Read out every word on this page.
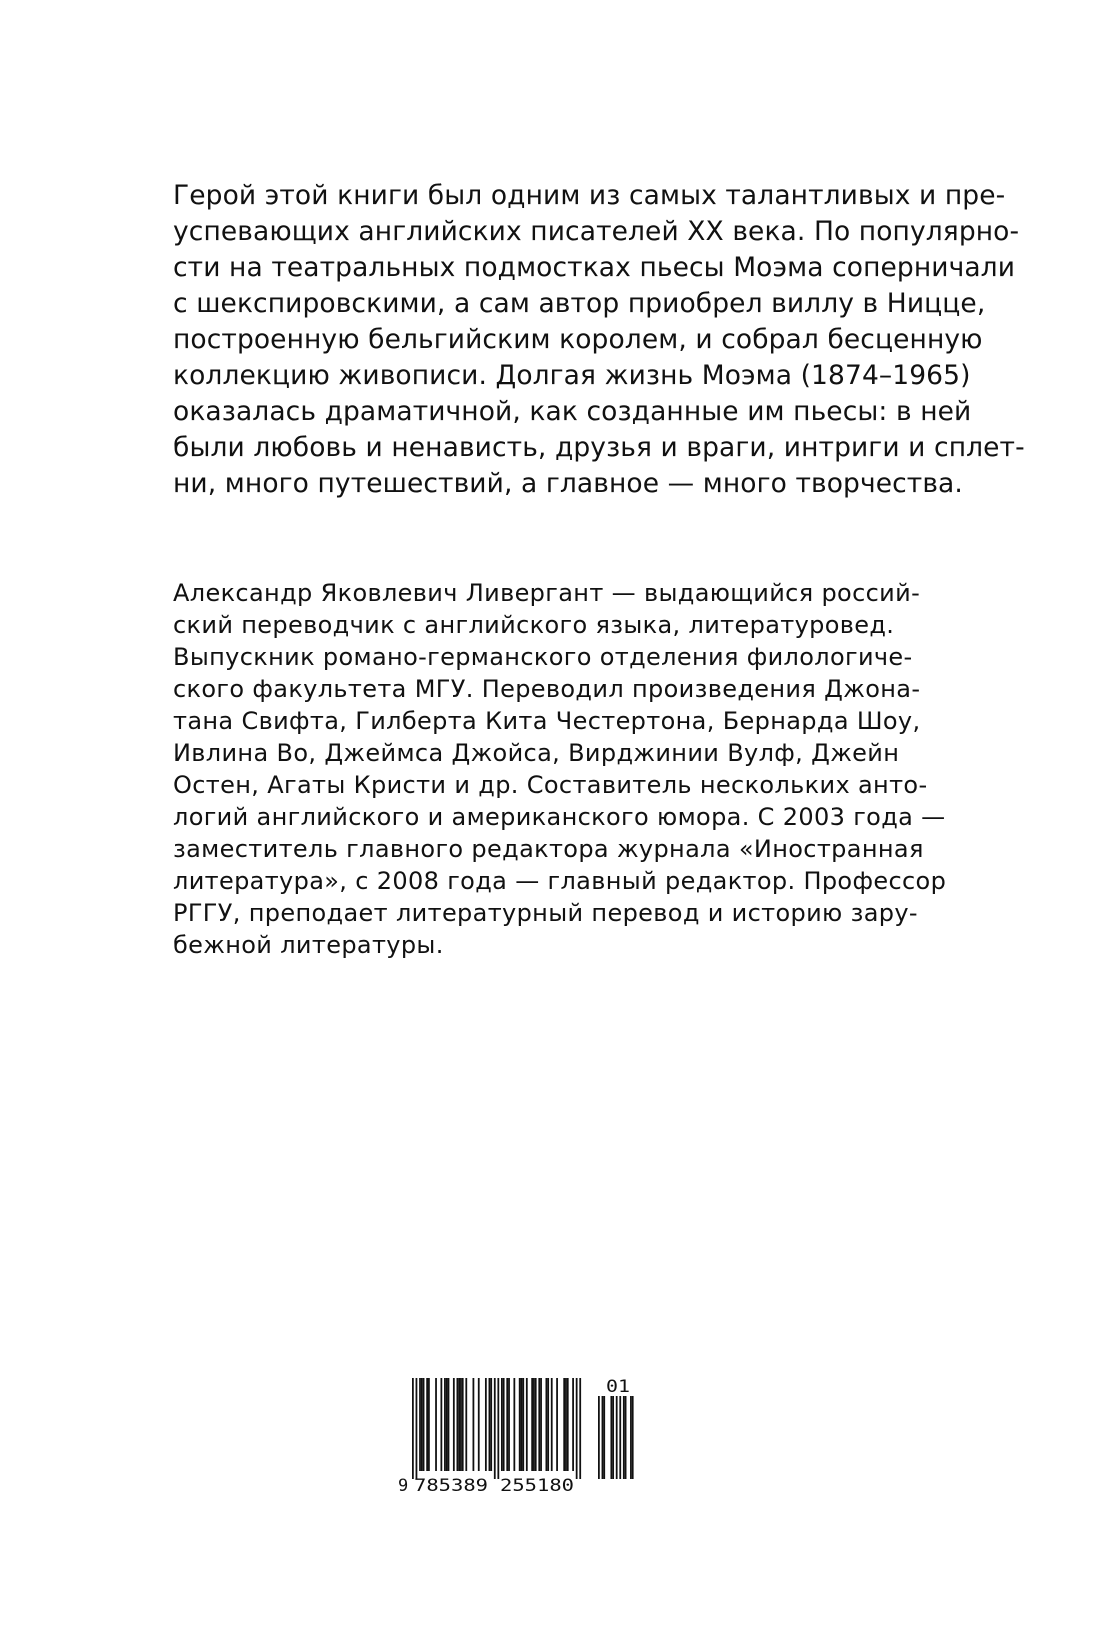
Герой этой книги был одним из самых талантливых и пре-

успевающих английских писателей XX века. По популярно-

сти на театральных подмостках пьесы Моэма соперничали

с шекспировскими, а сам автор приобрел виллу в Ницце,

построенную бельгийским королем, и собрал бесценную

коллекцию живописи. Долгая жизнь Моэма (1874–1965)

оказалась драматичной, как созданные им пьесы: в ней

были любовь и ненависть, друзья и враги, интриги и сплет-

ни, много путешествий, а главное — много творчества.

Александр Яковлевич Ливергант — выдающийся россий-

ский переводчик с английского языка, литературовед.

Выпускник романо-германского отделения филологиче-

ского факультета МГУ. Переводил произведения Джона-

тана Свифта, Гилберта Кита Честертона, Бернарда Шоу,

Ивлина Во, Джеймса Джойса, Вирджинии Вулф, Джейн

Остен, Агаты Кристи и др. Составитель нескольких анто-

логий английского и американского юмора. С 2003 года —

заместитель главного редактора журнала «Иностранная

литература», с 2008 года — главный редактор. Профессор

РГГУ, преподает литературный перевод и историю зару-

бежной литературы.

9 785389 255180
01
